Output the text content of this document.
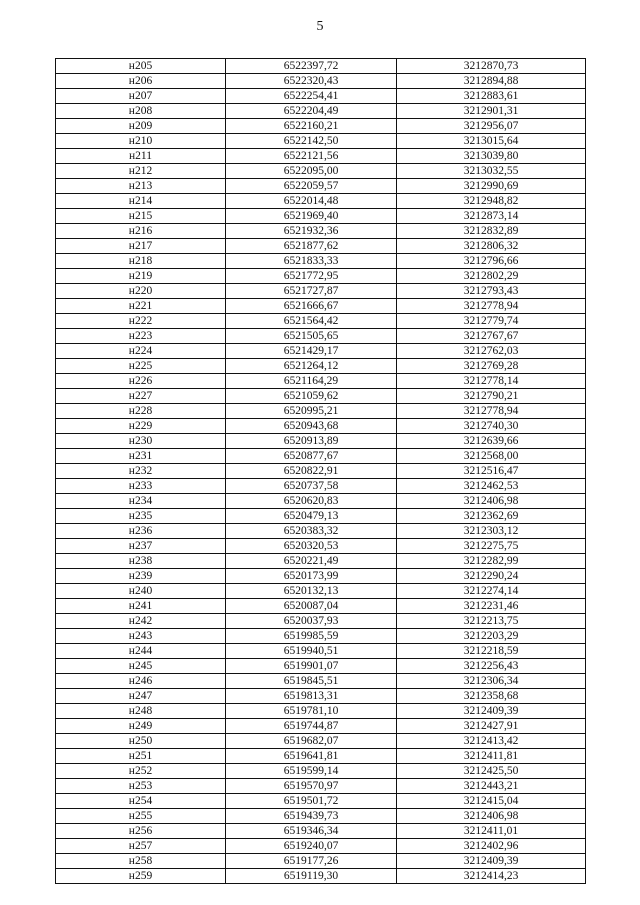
5
н205	6522397,72	3212870,73
н206	6522320,43	3212894,88
н207	6522254,41	3212883,61
н208	6522204,49	3212901,31
н209	6522160,21	3212956,07
н210	6522142,50	3213015,64
н211	6522121,56	3213039,80
н212	6522095,00	3213032,55
н213	6522059,57	3212990,69
н214	6522014,48	3212948,82
н215	6521969,40	3212873,14
н216	6521932,36	3212832,89
н217	6521877,62	3212806,32
н218	6521833,33	3212796,66
н219	6521772,95	3212802,29
н220	6521727,87	3212793,43
н221	6521666,67	3212778,94
н222	6521564,42	3212779,74
н223	6521505,65	3212767,67
н224	6521429,17	3212762,03
н225	6521264,12	3212769,28
н226	6521164,29	3212778,14
н227	6521059,62	3212790,21
н228	6520995,21	3212778,94
н229	6520943,68	3212740,30
н230	6520913,89	3212639,66
н231	6520877,67	3212568,00
н232	6520822,91	3212516,47
н233	6520737,58	3212462,53
н234	6520620,83	3212406,98
н235	6520479,13	3212362,69
н236	6520383,32	3212303,12
н237	6520320,53	3212275,75
н238	6520221,49	3212282,99
н239	6520173,99	3212290,24
н240	6520132,13	3212274,14
н241	6520087,04	3212231,46
н242	6520037,93	3212213,75
н243	6519985,59	3212203,29
н244	6519940,51	3212218,59
н245	6519901,07	3212256,43
н246	6519845,51	3212306,34
н247	6519813,31	3212358,68
н248	6519781,10	3212409,39
н249	6519744,87	3212427,91
н250	6519682,07	3212413,42
н251	6519641,81	3212411,81
н252	6519599,14	3212425,50
н253	6519570,97	3212443,21
н254	6519501,72	3212415,04
н255	6519439,73	3212406,98
н256	6519346,34	3212411,01
н257	6519240,07	3212402,96
н258	6519177,26	3212409,39
н259	6519119,30	3212414,23
